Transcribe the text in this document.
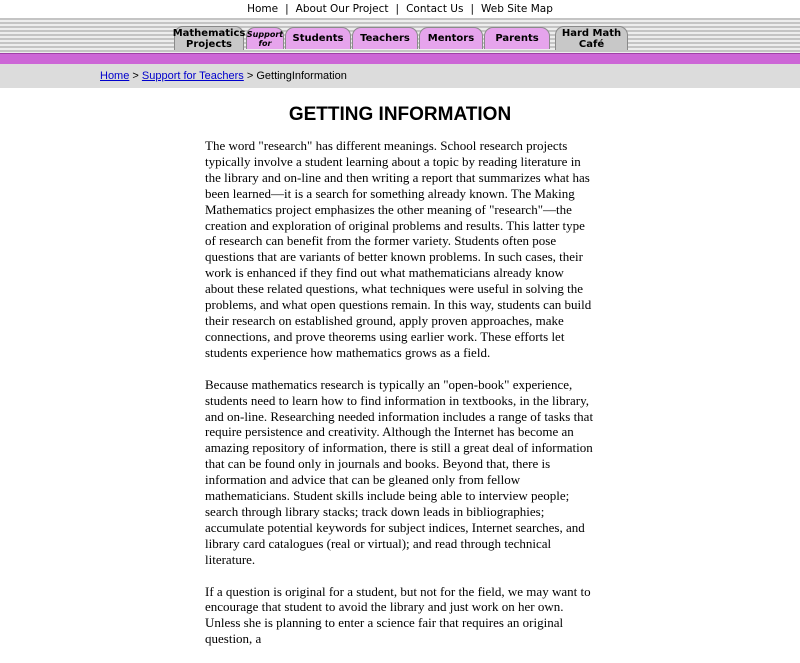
Home | About Our Project | Contact Us | Web Site Map
Mathematics
Projects
Support
for	Students Teachers Mentors Parents Hard Math
Café
Home > Support for Teachers > GettingInformation
GETTING INFORMATION

The word "research" has different meanings. School research projects typically involve a student learning about a topic by reading literature in the library and on-line and then writing a report that summarizes what has been learned—it is a search for something already known. The Making Mathematics project emphasizes the other meaning of "research"—the creation and exploration of original problems and results. This latter type of research can benefit from the former variety. Students often pose questions that are variants of better known problems. In such cases, their work is enhanced if they find out what mathematicians already know about these related questions, what techniques were useful in solving the problems, and what open questions remain. In this way, students can build their research on established ground, apply proven approaches, make connections, and prove theorems using earlier work. These efforts let students experience how mathematics grows as a field.

Because mathematics research is typically an "open-book" experience, students need to learn how to find information in textbooks, in the library, and on-line. Researching needed information includes a range of tasks that require persistence and creativity. Although the Internet has become an amazing repository of information, there is still a great deal of information that can be found only in journals and books. Beyond that, there is information and advice that can be gleaned only from fellow mathematicians. Student skills include being able to interview people; search through library stacks; track down leads in bibliographies; accumulate potential keywords for subject indices, Internet searches, and library card catalogues (real or virtual); and read through technical literature.

If a question is original for a student, but not for the field, we may want to encourage that student to avoid the library and just work on her own. Unless she is planning to enter a science fair that requires an original question, a
